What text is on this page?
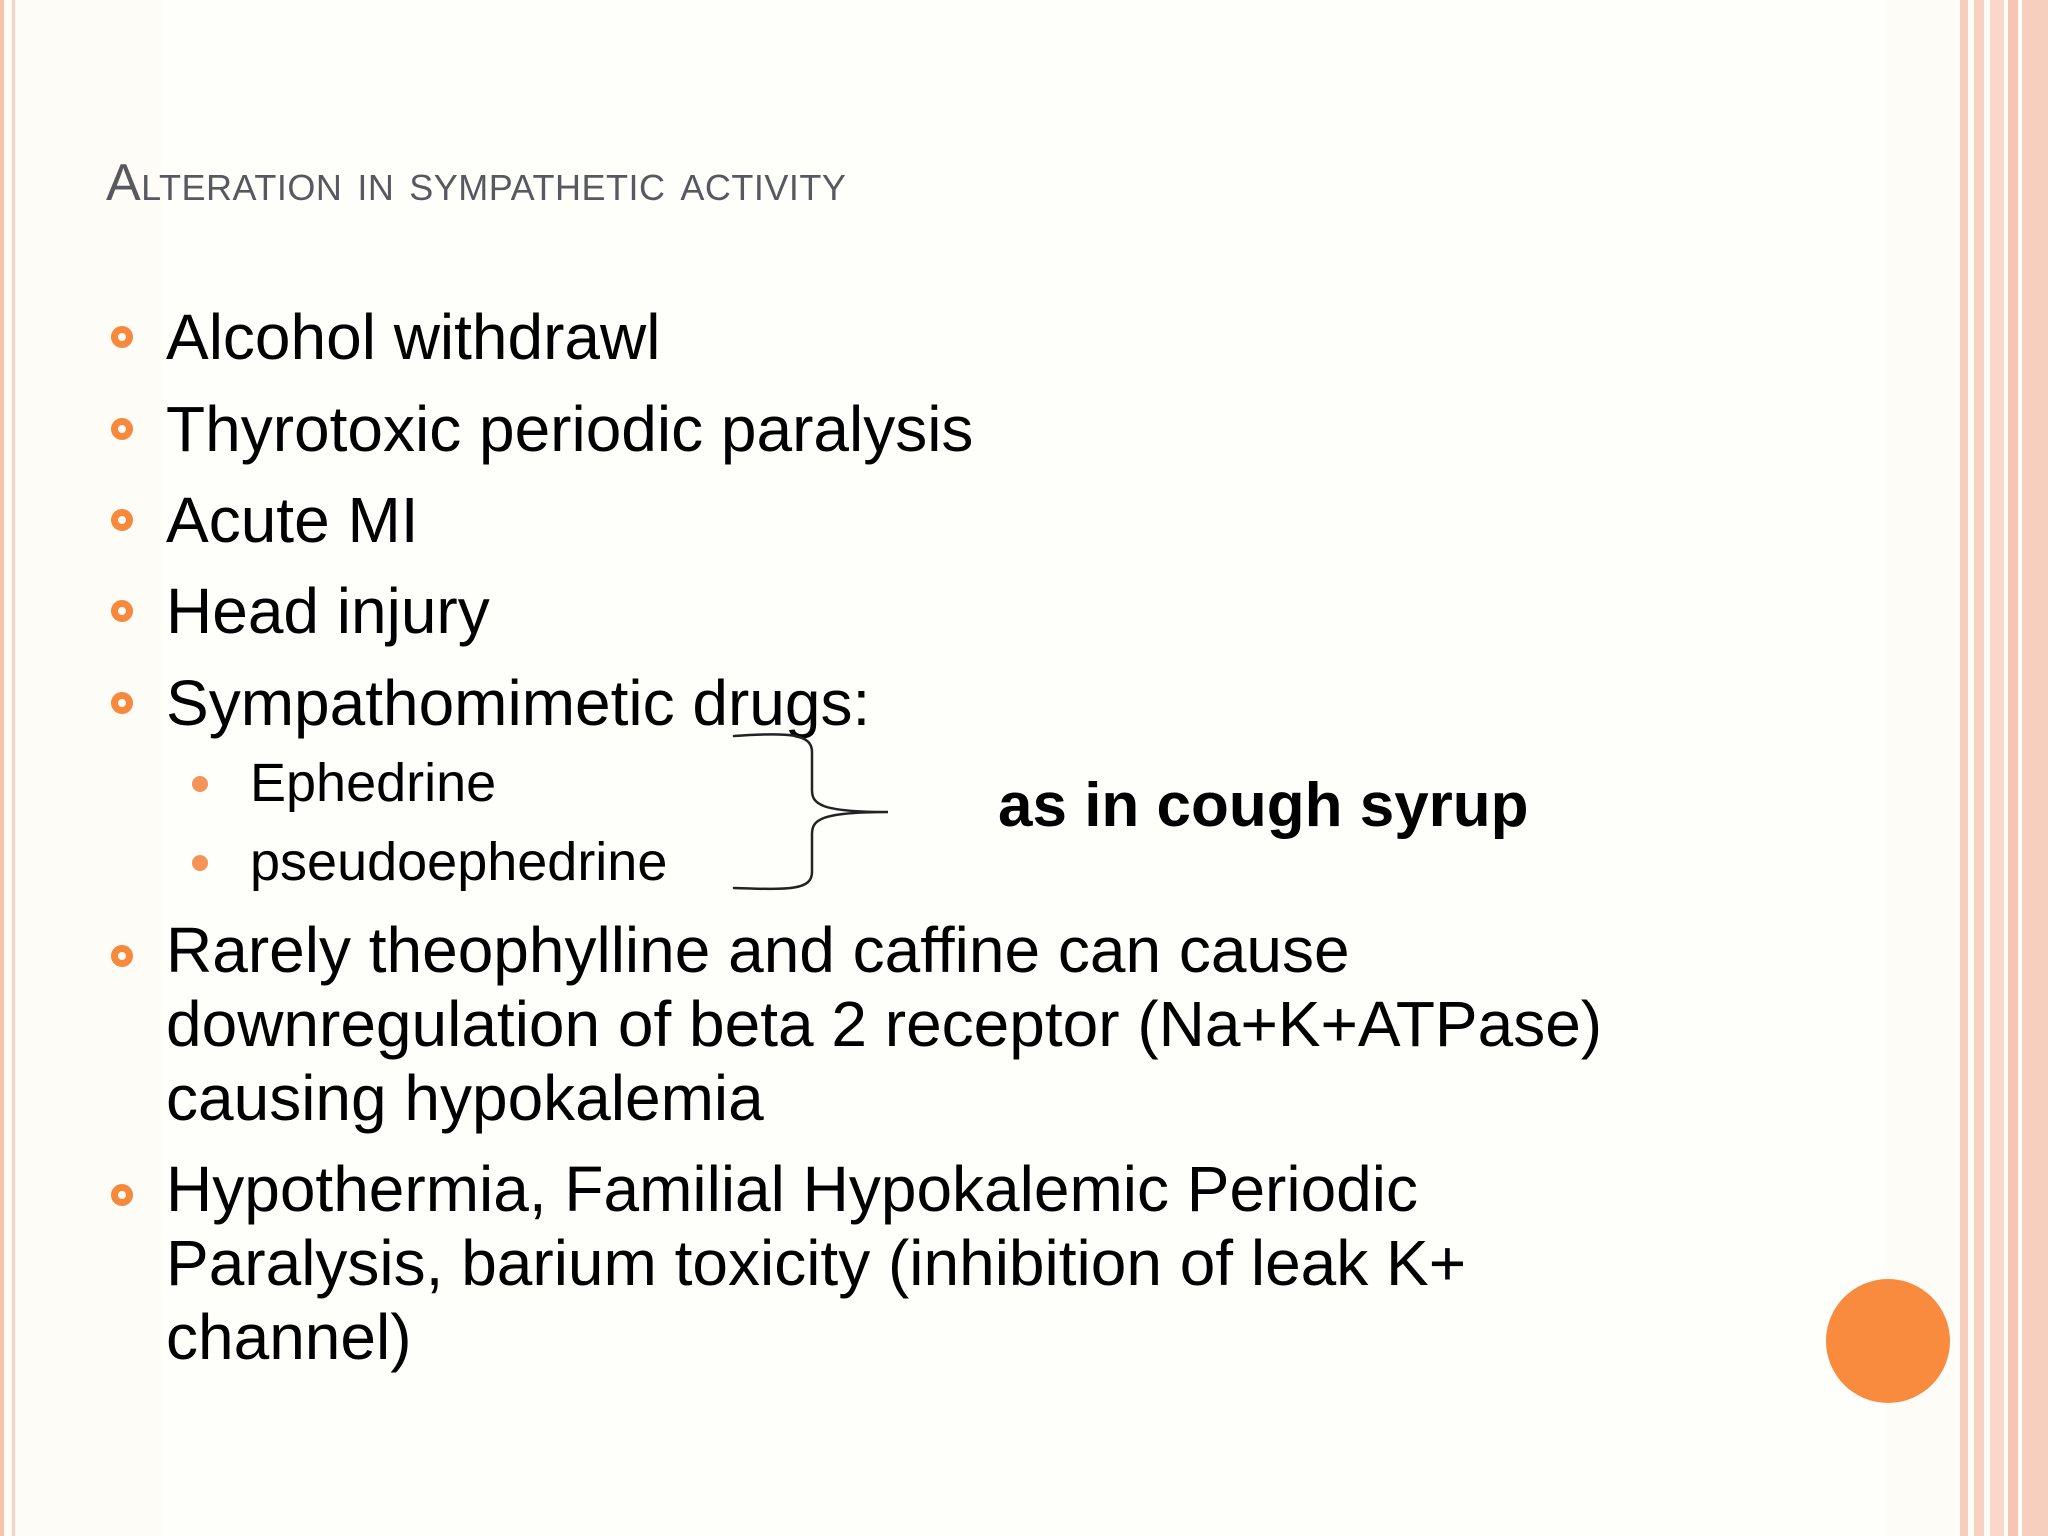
Alteration in sympathetic activity
Alcohol withdrawl
Thyrotoxic periodic paralysis
Acute MI
Head injury
Sympathomimetic drugs:
Ephedrine
pseudoephedrine
as in cough syrup
Rarely theophylline and caffine can cause
downregulation of beta 2 receptor (Na+K+ATPase)
causing hypokalemia
Hypothermia, Familial Hypokalemic Periodic
Paralysis, barium toxicity (inhibition of leak K+
channel)
